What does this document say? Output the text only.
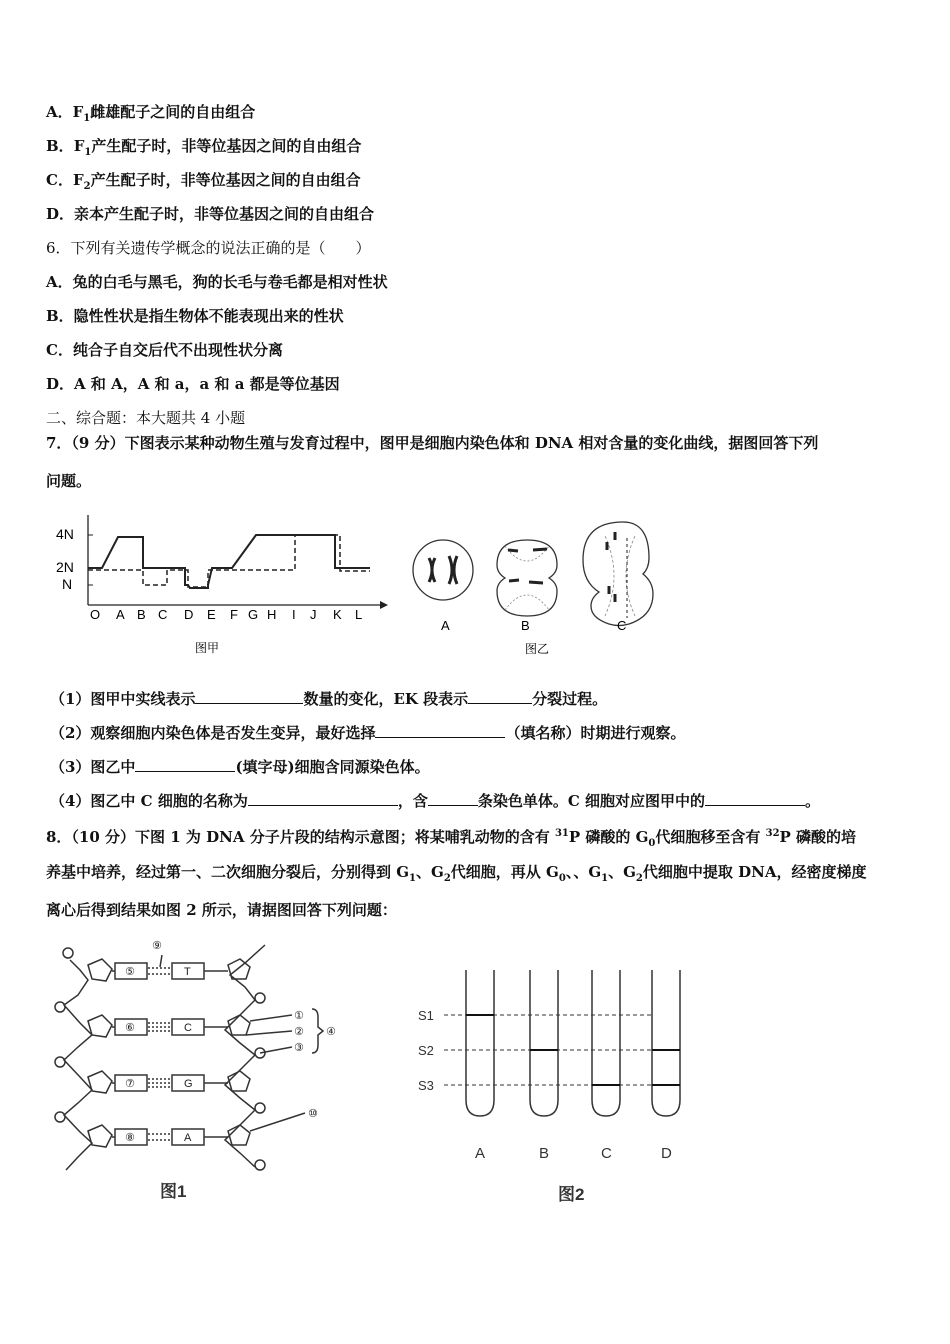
A．$F_1$雌雄配子之间的自由组合
B．$F_1$产生配子时，非等位基因之间的自由组合
C．$F_2$产生配子时，非等位基因之间的自由组合
D．亲本产生配子时，非等位基因之间的自由组合
6．下列有关遗传学概念的说法正确的是（　　）
A．兔的白毛与黑毛，狗的长毛与卷毛都是相对性状
B．隐性性状是指生物体不能表现出来的性状
C．纯合子自交后代不出现性状分离
D．A 和 A，A 和 a，a 和 a 都是等位基因
二、综合题：本大题共 4 小题
7．（9 分）下图表示某种动物生殖与发育过程中，图甲是细胞内染色体和 DNA 相对含量的变化曲线，据图回答下列
问题。
4N
2N
N
O A B C D E F G H I J K L
图甲
A	B	C
图乙
（1）图甲中实线表示	数量的变化，EK 段表示	分裂过程。
（2）观察细胞内染色体是否发生变异，最好选择	（填名称）时期进行观察。
（3）图乙中	(填字母)细胞含同源染色体。
（4）图乙中 C 细胞的名称为	，含	条染色单体。C 细胞对应图甲中的	。
8．（10 分）下图 1 为 DNA 分子片段的结构示意图；将某哺乳动物的含有 $^{31}$P 磷酸的 $G_0$代细胞移至含有 $^{32}$P 磷酸的培
养基中培养，经过第一、二次细胞分裂后，分别得到 $G_1$、$G_2$代细胞，再从 $G_0$、、$G_1$、$G_2$代细胞中提取 DNA，经密度梯度
离心后得到结果如图 2 所示，请据图回答下列问题：
⑨
⑤
⑥
⑦
⑧
①
②
③
④
⑩
T
C
G
A
图1
S1
S2
S3
A	B	C	D
图2
